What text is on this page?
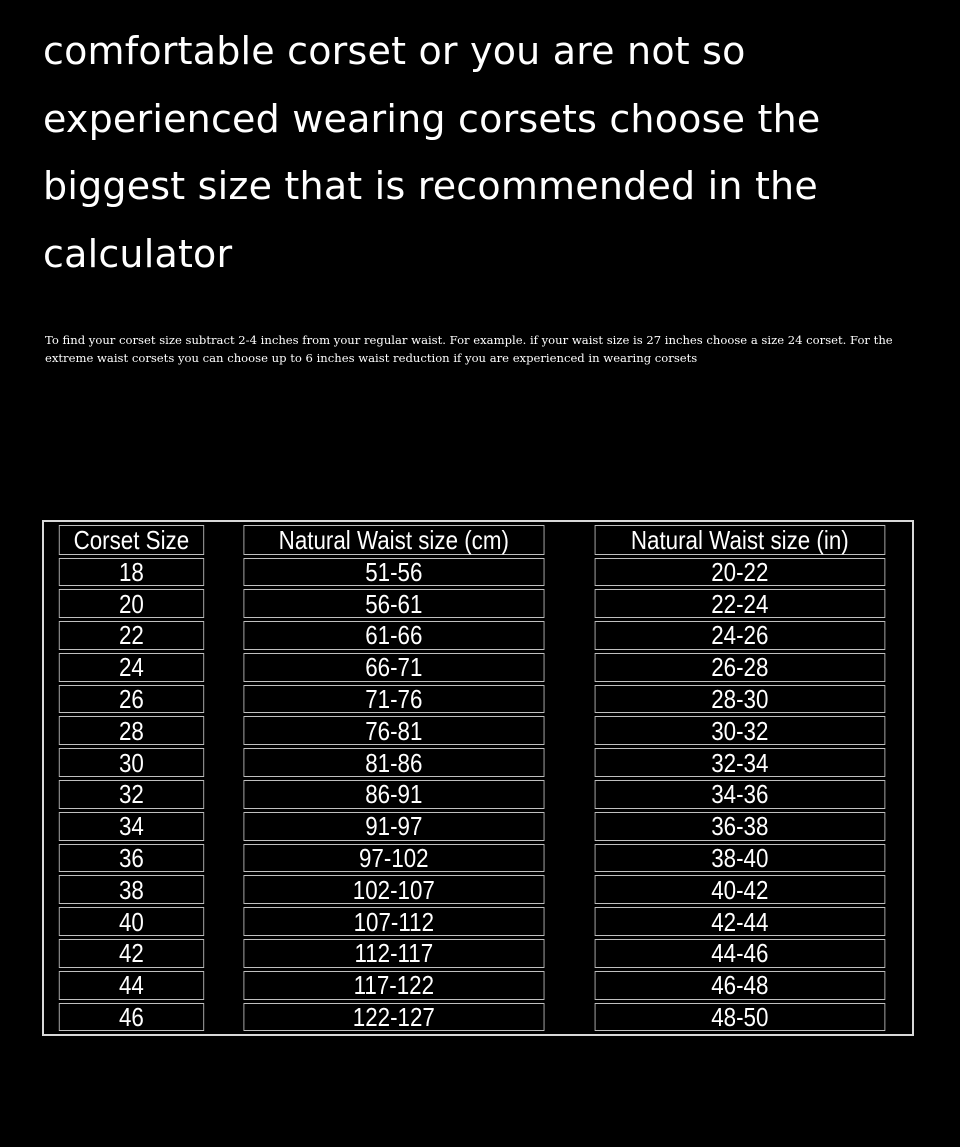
comfortable corset or you are not so
experienced wearing corsets choose the
biggest size that is recommended in the
calculator

To find your corset size subtract 2-4 inches from your regular waist. For example. if your waist size is 27 inches choose a size 24 corset. For the
extreme waist corsets you can choose up to 6 inches waist reduction if you are experienced in wearing corsets

Corset Size	Natural Waist size (cm)	Natural Waist size (in)
18	51-56	20-22
20	56-61	22-24
22	61-66	24-26
24	66-71	26-28
26	71-76	28-30
28	76-81	30-32
30	81-86	32-34
32	86-91	34-36
34	91-97	36-38
36	97-102	38-40
38	102-107	40-42
40	107-112	42-44
42	112-117	44-46
44	117-122	46-48
46	122-127	48-50
